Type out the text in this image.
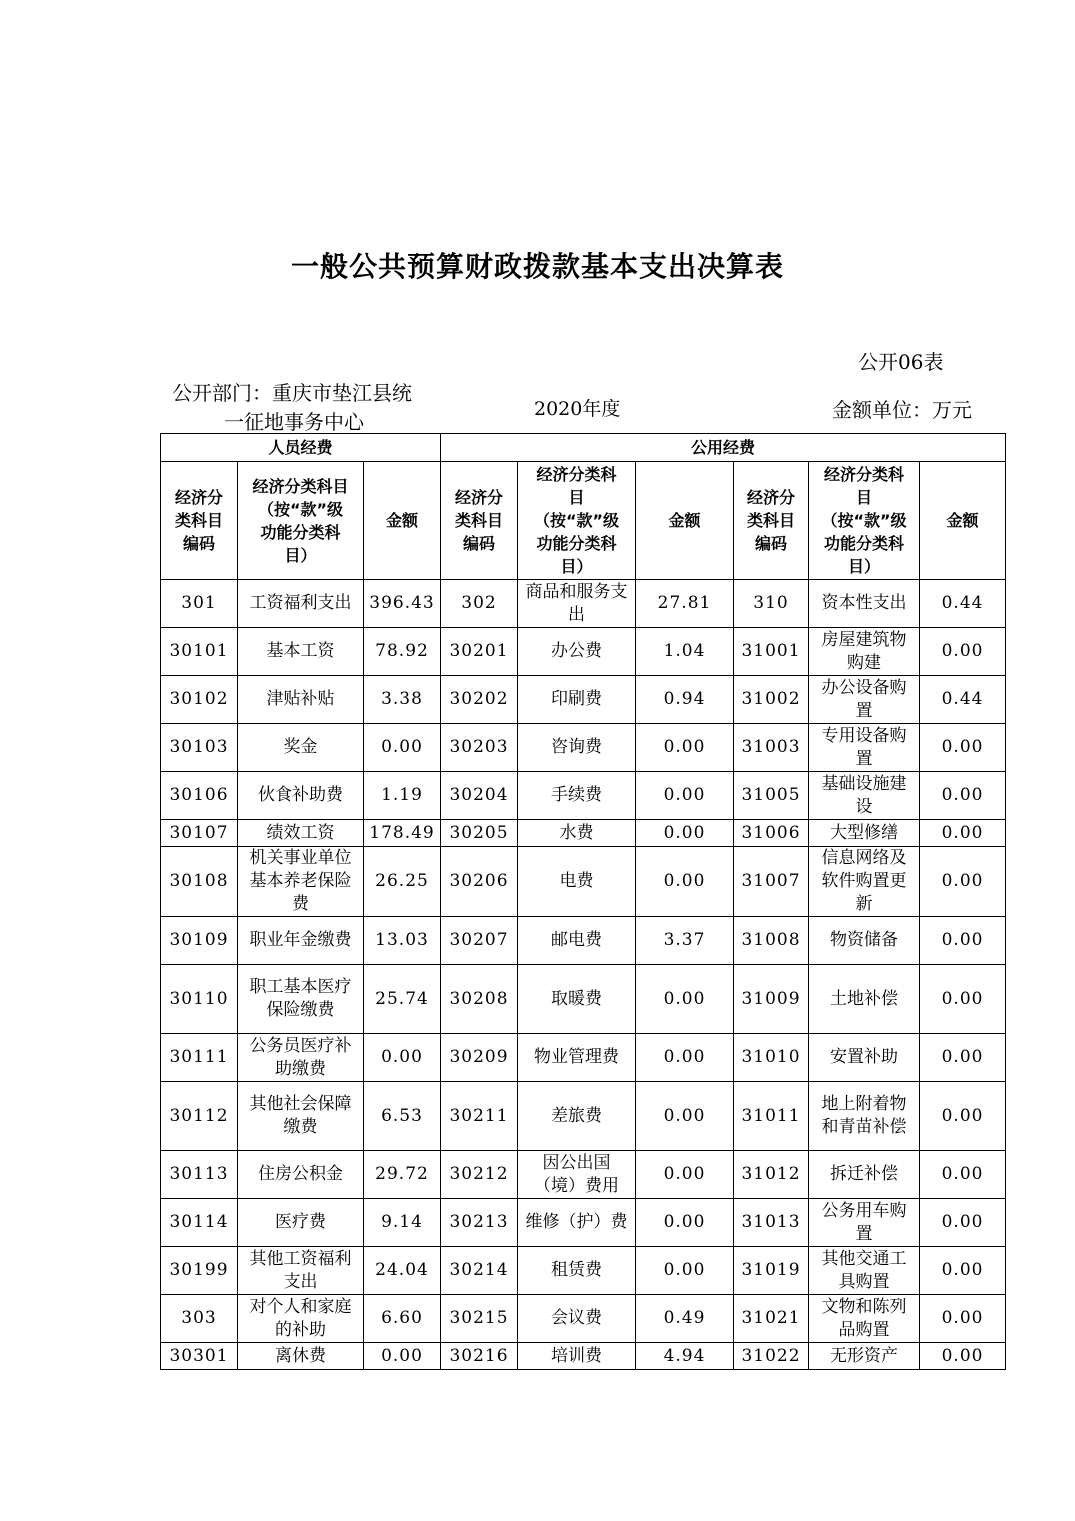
一般公共预算财政拨款基本支出决算表
公开06表
公开部门：重庆市垫江县统
一征地事务中心
2020年度	金额单位：万元
人员经费			公用经费					
经济分类科目编码	经济分类科目（按“款”级功能分类科目）	金额	经济分类科目编码	经济分类科目（按“款”级功能分类科目）	金额	经济分类科目编码	经济分类科目（按“款”级功能分类科目）	金额
301	工资福利支出	396.43	302	商品和服务支出	27.81	310	资本性支出	0.44
30101	基本工资	78.92	30201	办公费	1.04	31001	房屋建筑物购建	0.00
30102	津贴补贴	3.38	30202	印刷费	0.94	31002	办公设备购置	0.44
30103	奖金	0.00	30203	咨询费	0.00	31003	专用设备购置	0.00
30106	伙食补助费	1.19	30204	手续费	0.00	31005	基础设施建设	0.00
30107	绩效工资	178.49	30205	水费	0.00	31006	大型修缮	0.00
30108	机关事业单位基本养老保险费	26.25	30206	电费	0.00	31007	信息网络及软件购置更新	0.00
30109	职业年金缴费	13.03	30207	邮电费	3.37	31008	物资储备	0.00
30110	职工基本医疗保险缴费	25.74	30208	取暖费	0.00	31009	土地补偿	0.00
30111	公务员医疗补助缴费	0.00	30209	物业管理费	0.00	31010	安置补助	0.00
30112	其他社会保障缴费	6.53	30211	差旅费	0.00	31011	地上附着物和青苗补偿	0.00
30113	住房公积金	29.72	30212	因公出国（境）费用	0.00	31012	拆迁补偿	0.00
30114	医疗费	9.14	30213	维修（护）费	0.00	31013	公务用车购置	0.00
30199	其他工资福利支出	24.04	30214	租赁费	0.00	31019	其他交通工具购置	0.00
303	对个人和家庭的补助	6.60	30215	会议费	0.49	31021	文物和陈列品购置	0.00
30301	离休费	0.00	30216	培训费	4.94	31022	无形资产	0.00
